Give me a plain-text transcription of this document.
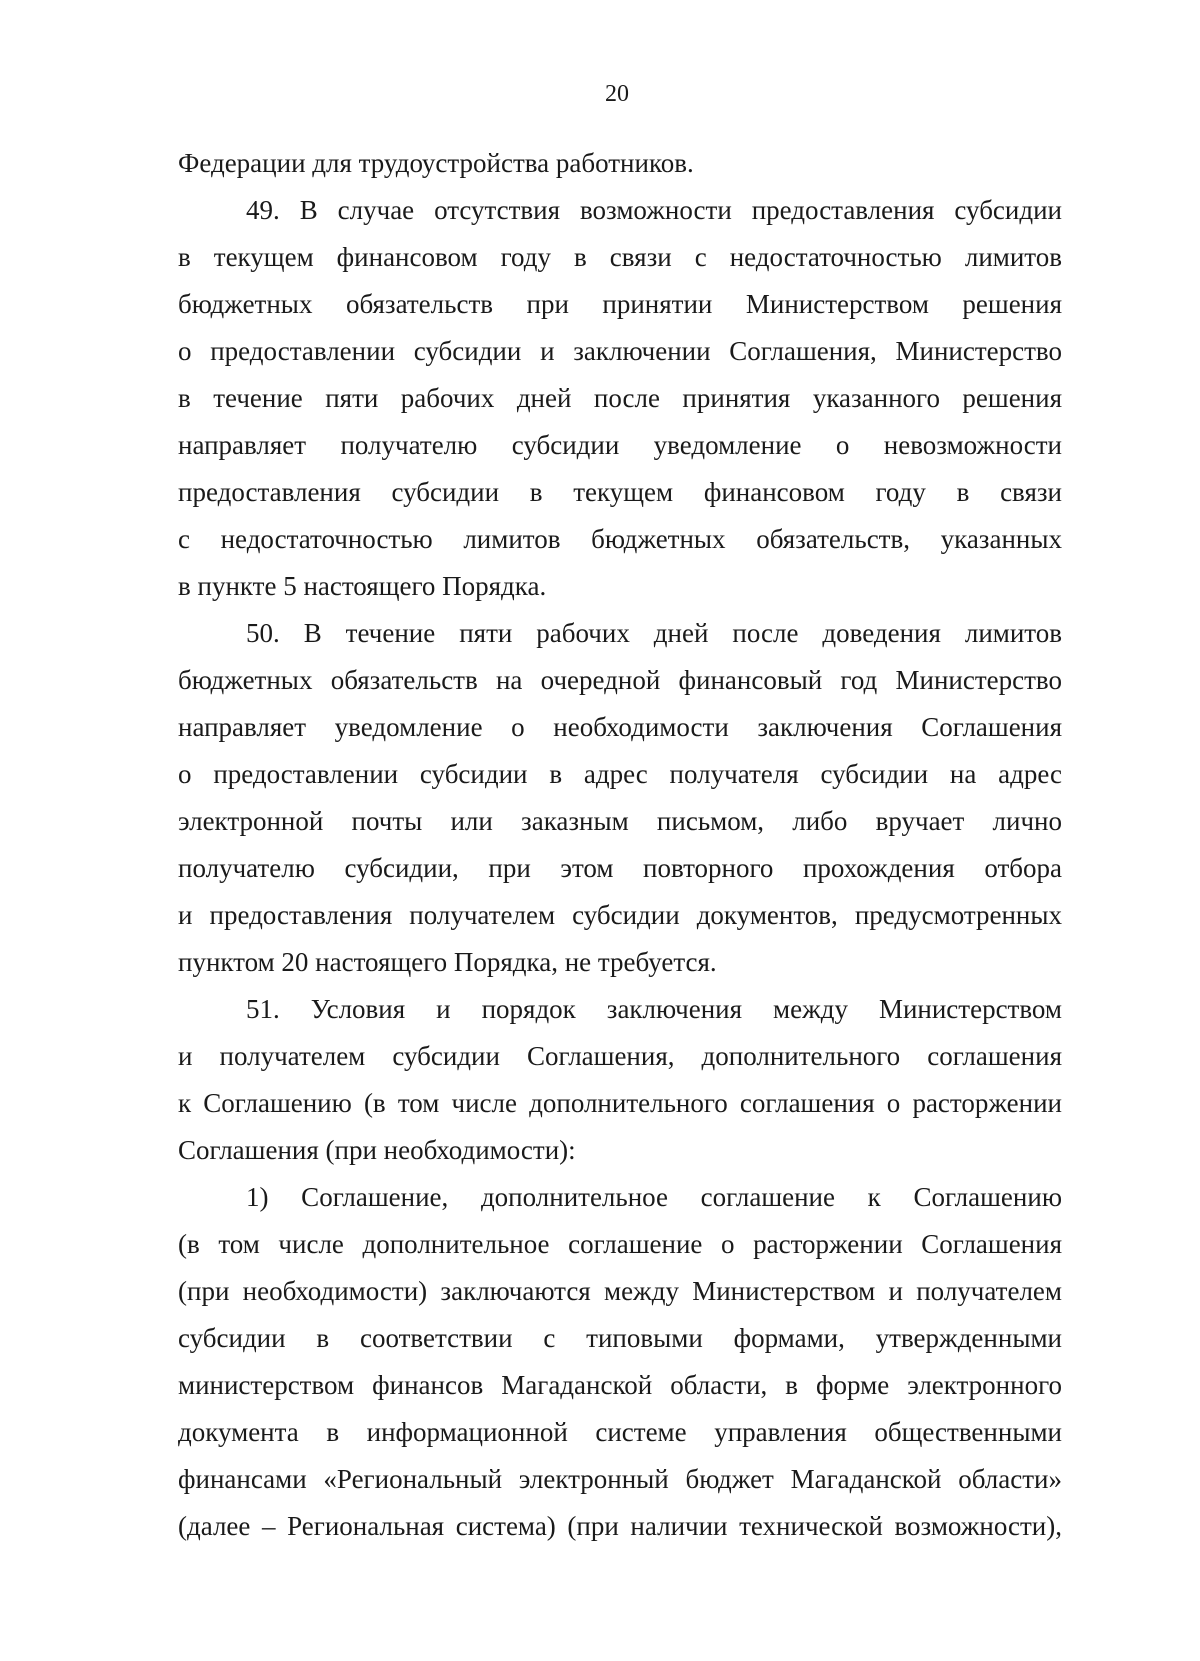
20
Федерации для трудоустройства работников.
49. В случае отсутствия возможности предоставления субсидии
в текущем финансовом году в связи с недостаточностью лимитов
бюджетных обязательств при принятии Министерством решения
о предоставлении субсидии и заключении Соглашения, Министерство
в течение пяти рабочих дней после принятия указанного решения
направляет получателю субсидии уведомление о невозможности
предоставления субсидии в текущем финансовом году в связи
с недостаточностью лимитов бюджетных обязательств, указанных
в пункте 5 настоящего Порядка.
50. В течение пяти рабочих дней после доведения лимитов
бюджетных обязательств на очередной финансовый год Министерство
направляет уведомление о необходимости заключения Соглашения
о предоставлении субсидии в адрес получателя субсидии на адрес
электронной почты или заказным письмом, либо вручает лично
получателю субсидии, при этом повторного прохождения отбора
и предоставления получателем субсидии документов, предусмотренных
пунктом 20 настоящего Порядка, не требуется.
51. Условия и порядок заключения между Министерством
и получателем субсидии Соглашения, дополнительного соглашения
к Соглашению (в том числе дополнительного соглашения о расторжении
Соглашения (при необходимости):
1) Соглашение, дополнительное соглашение к Соглашению
(в том числе дополнительное соглашение о расторжении Соглашения
(при необходимости) заключаются между Министерством и получателем
субсидии в соответствии с типовыми формами, утвержденными
министерством финансов Магаданской области, в форме электронного
документа в информационной системе управления общественными
финансами «Региональный электронный бюджет Магаданской области»
(далее – Региональная система) (при наличии технической возможности),
